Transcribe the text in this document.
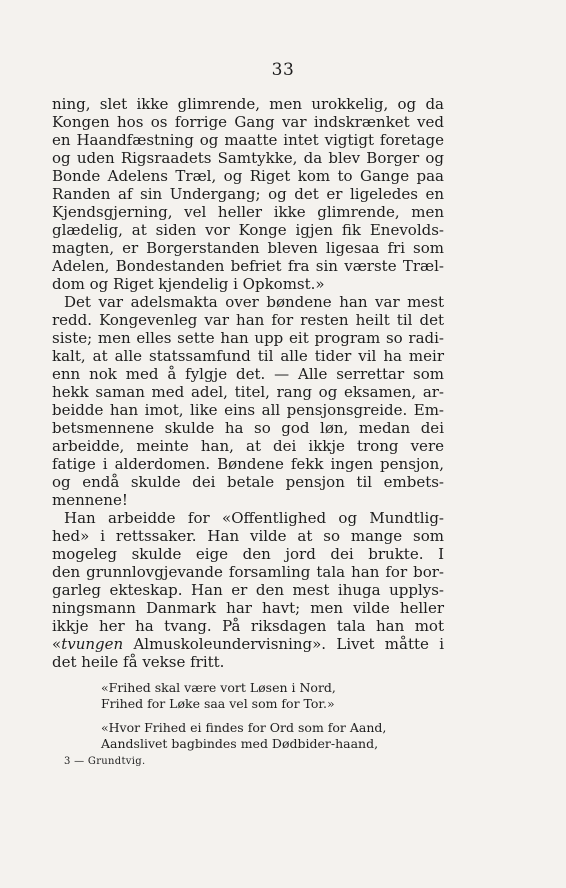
33
ning, slet ikke glimrende, men urokkelig, og da
Kongen hos os forrige Gang var indskrænket ved
en Haandfæstning og maatte intet vigtigt foretage
og uden Rigsraadets Samtykke, da blev Borger og
Bonde Adelens Træl, og Riget kom to Gange paa
Randen af sin Undergang; og det er ligeledes en
Kjendsgjerning, vel heller ikke glimrende, men
glædelig, at siden vor Konge igjen fik Enevolds-
magten, er Borgerstanden bleven ligesaa fri som
Adelen, Bondestanden befriet fra sin værste Træl-
dom og Riget kjendelig i Opkomst.»
Det var adelsmakta over bøndene han var mest
redd. Kongevenleg var han for resten heilt til det
siste; men elles sette han upp eit program so radi-
kalt, at alle statssamfund til alle tider vil ha meir
enn nok med å fylgje det. — Alle serrettar som
hekk saman med adel, titel, rang og eksamen, ar-
beidde han imot, like eins all pensjonsgreide. Em-
betsmennene skulde ha so god løn, medan dei
arbeidde, meinte han, at dei ikkje trong vere
fatige i alderdomen. Bøndene fekk ingen pensjon,
og endå skulde dei betale pensjon til embets-
mennene!
Han arbeidde for «Offentlighed og Mundtlig-
hed» i rettssaker. Han vilde at so mange som
mogeleg skulde eige den jord dei brukte. I
den grunnlovgjevande forsamling tala han for bor-
garleg ekteskap. Han er den mest ihuga upplys-
ningsmann Danmark har havt; men vilde heller
ikkje her ha tvang. På riksdagen tala han mot
«tvungen Almuskoleundervisning». Livet måtte i
det heile få vekse fritt.
«Frihed skal være vort Løsen i Nord,
Frihed for Løke saa vel som for Tor.»
«Hvor Frihed ei findes for Ord som for Aand,
Aandslivet bagbindes med Dødbider-haand,
3 — Grundtvig.
